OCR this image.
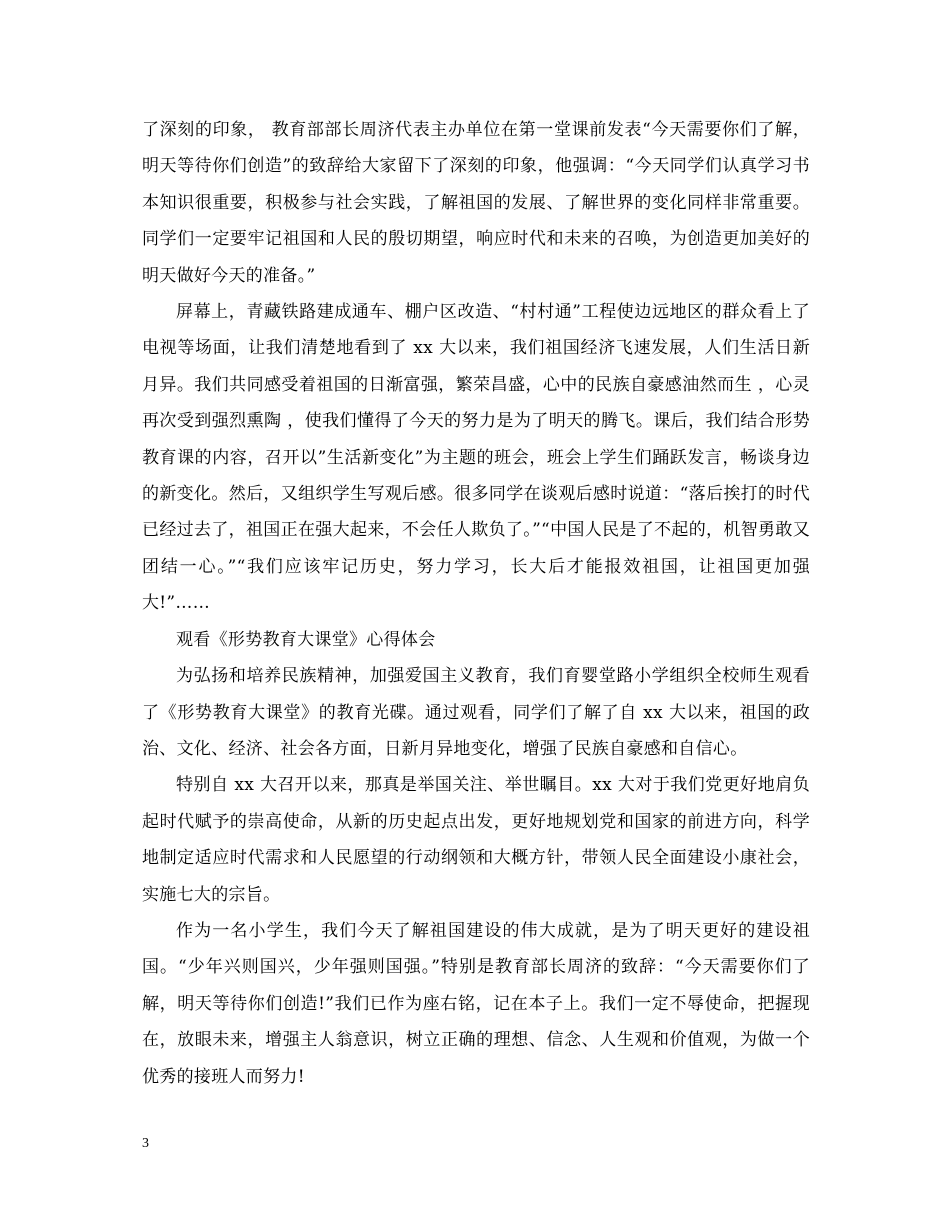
了深刻的印象， 教育部部长周济代表主办单位在第一堂课前发表“今天需要你们了解，明天等待你们创造”的致辞给大家留下了深刻的印象，他强调：“今天同学们认真学习书本知识很重要，积极参与社会实践，了解祖国的发展、了解世界的变化同样非常重要。同学们一定要牢记祖国和人民的殷切期望，响应时代和未来的召唤，为创造更加美好的明天做好今天的准备。”

屏幕上，青藏铁路建成通车、棚户区改造、“村村通”工程使边远地区的群众看上了电视等场面，让我们清楚地看到了 xx 大以来，我们祖国经济飞速发展，人们生活日新月异。我们共同感受着祖国的日渐富强，繁荣昌盛，心中的民族自豪感油然而生 ，心灵再次受到强烈熏陶 ，使我们懂得了今天的努力是为了明天的腾飞。课后，我们结合形势教育课的内容，召开以”生活新变化”为主题的班会，班会上学生们踊跃发言，畅谈身边的新变化。然后，又组织学生写观后感。很多同学在谈观后感时说道：“落后挨打的时代已经过去了，祖国正在强大起来，不会任人欺负了。”“中国人民是了不起的，机智勇敢又团结一心。”“我们应该牢记历史，努力学习，长大后才能报效祖国，让祖国更加强大!”……

观看《形势教育大课堂》心得体会

为弘扬和培养民族精神，加强爱国主义教育，我们育婴堂路小学组织全校师生观看了《形势教育大课堂》的教育光碟。通过观看，同学们了解了自 xx 大以来，祖国的政治、文化、经济、社会各方面，日新月异地变化，增强了民族自豪感和自信心。

特别自 xx 大召开以来，那真是举国关注、举世瞩目。xx 大对于我们党更好地肩负起时代赋予的崇高使命，从新的历史起点出发，更好地规划党和国家的前进方向，科学地制定适应时代需求和人民愿望的行动纲领和大概方针，带领人民全面建设小康社会，实施七大的宗旨。

作为一名小学生，我们今天了解祖国建设的伟大成就，是为了明天更好的建设祖国。“少年兴则国兴，少年强则国强。”特别是教育部长周济的致辞：“今天需要你们了解，明天等待你们创造!”我们已作为座右铭，记在本子上。我们一定不辱使命，把握现在，放眼未来，增强主人翁意识，树立正确的理想、信念、人生观和价值观，为做一个优秀的接班人而努力!

3
